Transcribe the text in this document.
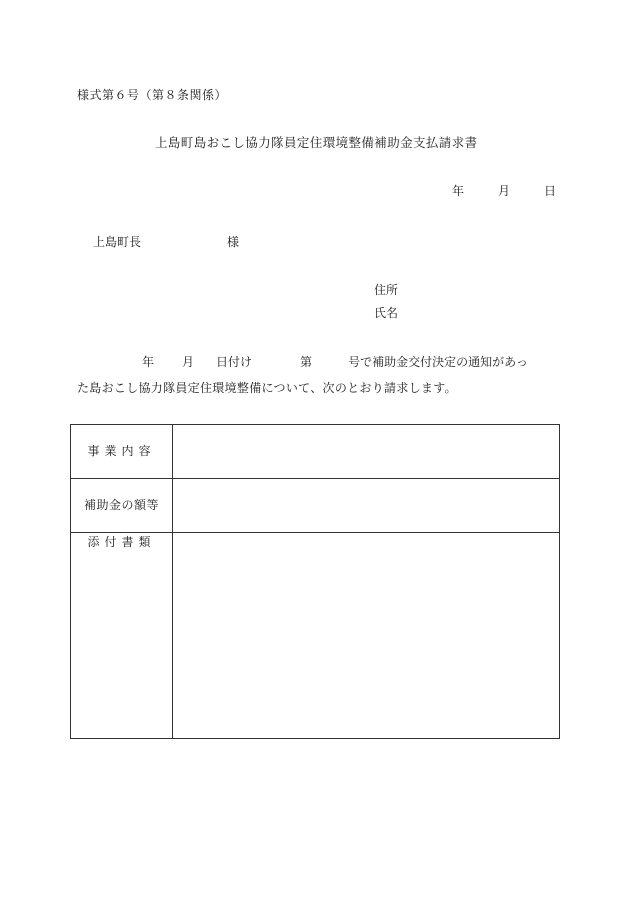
様式第６号（第８条関係）
上島町島おこし協力隊員定住環境整備補助金支払請求書
年	月	日
上島町長	様
住所
氏名
年 月 日付け	第	号で補助金交付決定の通知があっ
た島おこし協力隊員定住環境整備について、次のとおり請求します。
事業内容
補助金の額等
添付書類
